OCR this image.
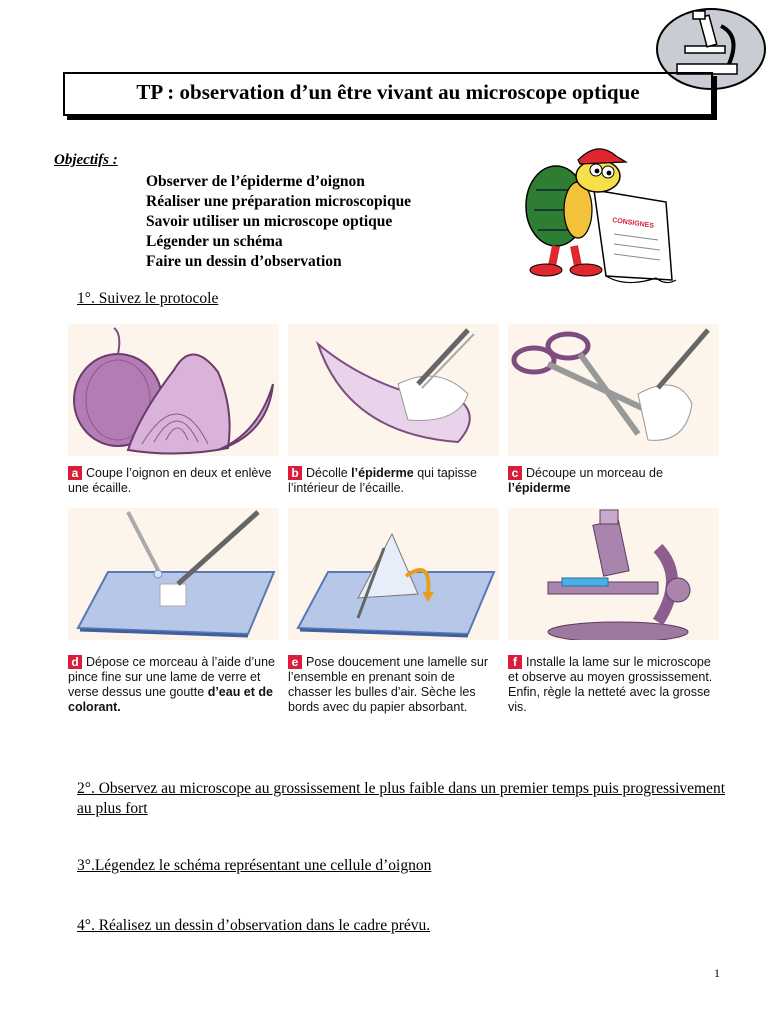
TP : observation d’un être vivant au microscope optique
Objectifs :
Observer de l’épiderme d’oignon
Réaliser une préparation microscopique
Savoir utiliser un microscope optique
Légender un schéma
Faire un dessin d’observation
CONSIGNES
1°. Suivez le protocole
a Coupe l’oignon en deux et enlève une écaille.
b Décolle l’épiderme qui tapisse l’intérieur de l’écaille.
c Découpe un morceau de
l’épiderme
d Dépose ce morceau à l’aide d’une pince fine sur une lame de verre et verse dessus une goutte d’eau et de colorant.
e Pose doucement une lamelle sur l’ensemble en prenant soin de chasser les bulles d’air. Sèche les bords avec du papier absorbant.
f Installe la lame sur le microscope et observe au moyen grossissement. Enfin, règle la netteté avec la grosse vis.
2°. Observez au microscope au grossissement le plus faible dans un premier temps puis progressivement au plus fort
3°.Légendez le schéma représentant une cellule d’oignon
4°. Réalisez un dessin d’observation dans le cadre prévu.
1
